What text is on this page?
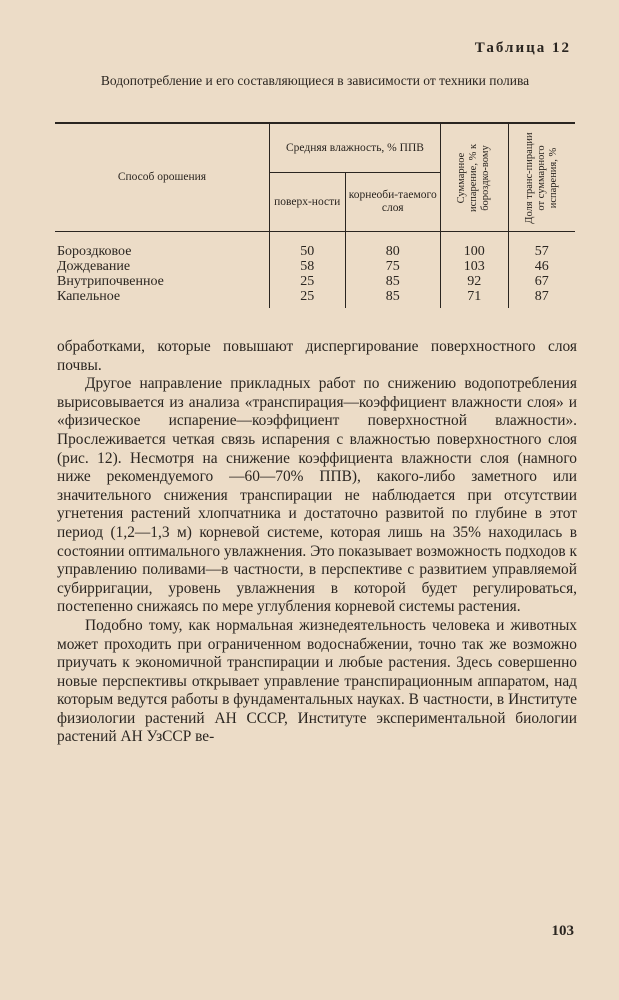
Таблица 12
Водопотребление и его составляющиеся в зависимости от техники полива
Способ орошения	Средняя влажность, % ППВ		Суммарное испарение, % к бороздко-вому	Доля транс-пирации от суммарного испарения, %

	поверх-ности	корнеоби-таемого слоя		

Бороздковое	50	80	100	57
Дождевание	58	75	103	46
Внутрипочвенное	25	85	92	67
Капельное	25	85	71	87

обработками, которые повышают диспергирование поверхностного слоя почвы.

Другое направление прикладных работ по снижению водопотребления вырисовывается из анализа «транспирация—коэффициент влажности слоя» и «физическое испарение—коэффициент поверхностной влажности». Прослеживается четкая связь испарения с влажностью поверхностного слоя (рис. 12). Несмотря на снижение коэффициента влажности слоя (намного ниже рекомендуемого —60—70% ППВ), какого-либо заметного или значительного снижения транспирации не наблюдается при отсутствии угнетения растений хлопчатника и достаточно развитой по глубине в этот период (1,2—1,3 м) корневой системе, которая лишь на 35% находилась в состоянии оптимального увлажнения. Это показывает возможность подходов к управлению поливами—в частности, в перспективе с развитием управляемой субирригации, уровень увлажнения в которой будет регулироваться, постепенно снижаясь по мере углубления корневой системы растения.

Подобно тому, как нормальная жизнедеятельность человека и животных может проходить при ограниченном водоснабжении, точно так же возможно приучать к экономичной транспирации и любые растения. Здесь совершенно новые перспективы открывает управление транспирационным аппаратом, над которым ведутся работы в фундаментальных науках. В частности, в Институте физиологии растений АН СССР, Институте экспериментальной биологии растений АН УзССР ве-

103
